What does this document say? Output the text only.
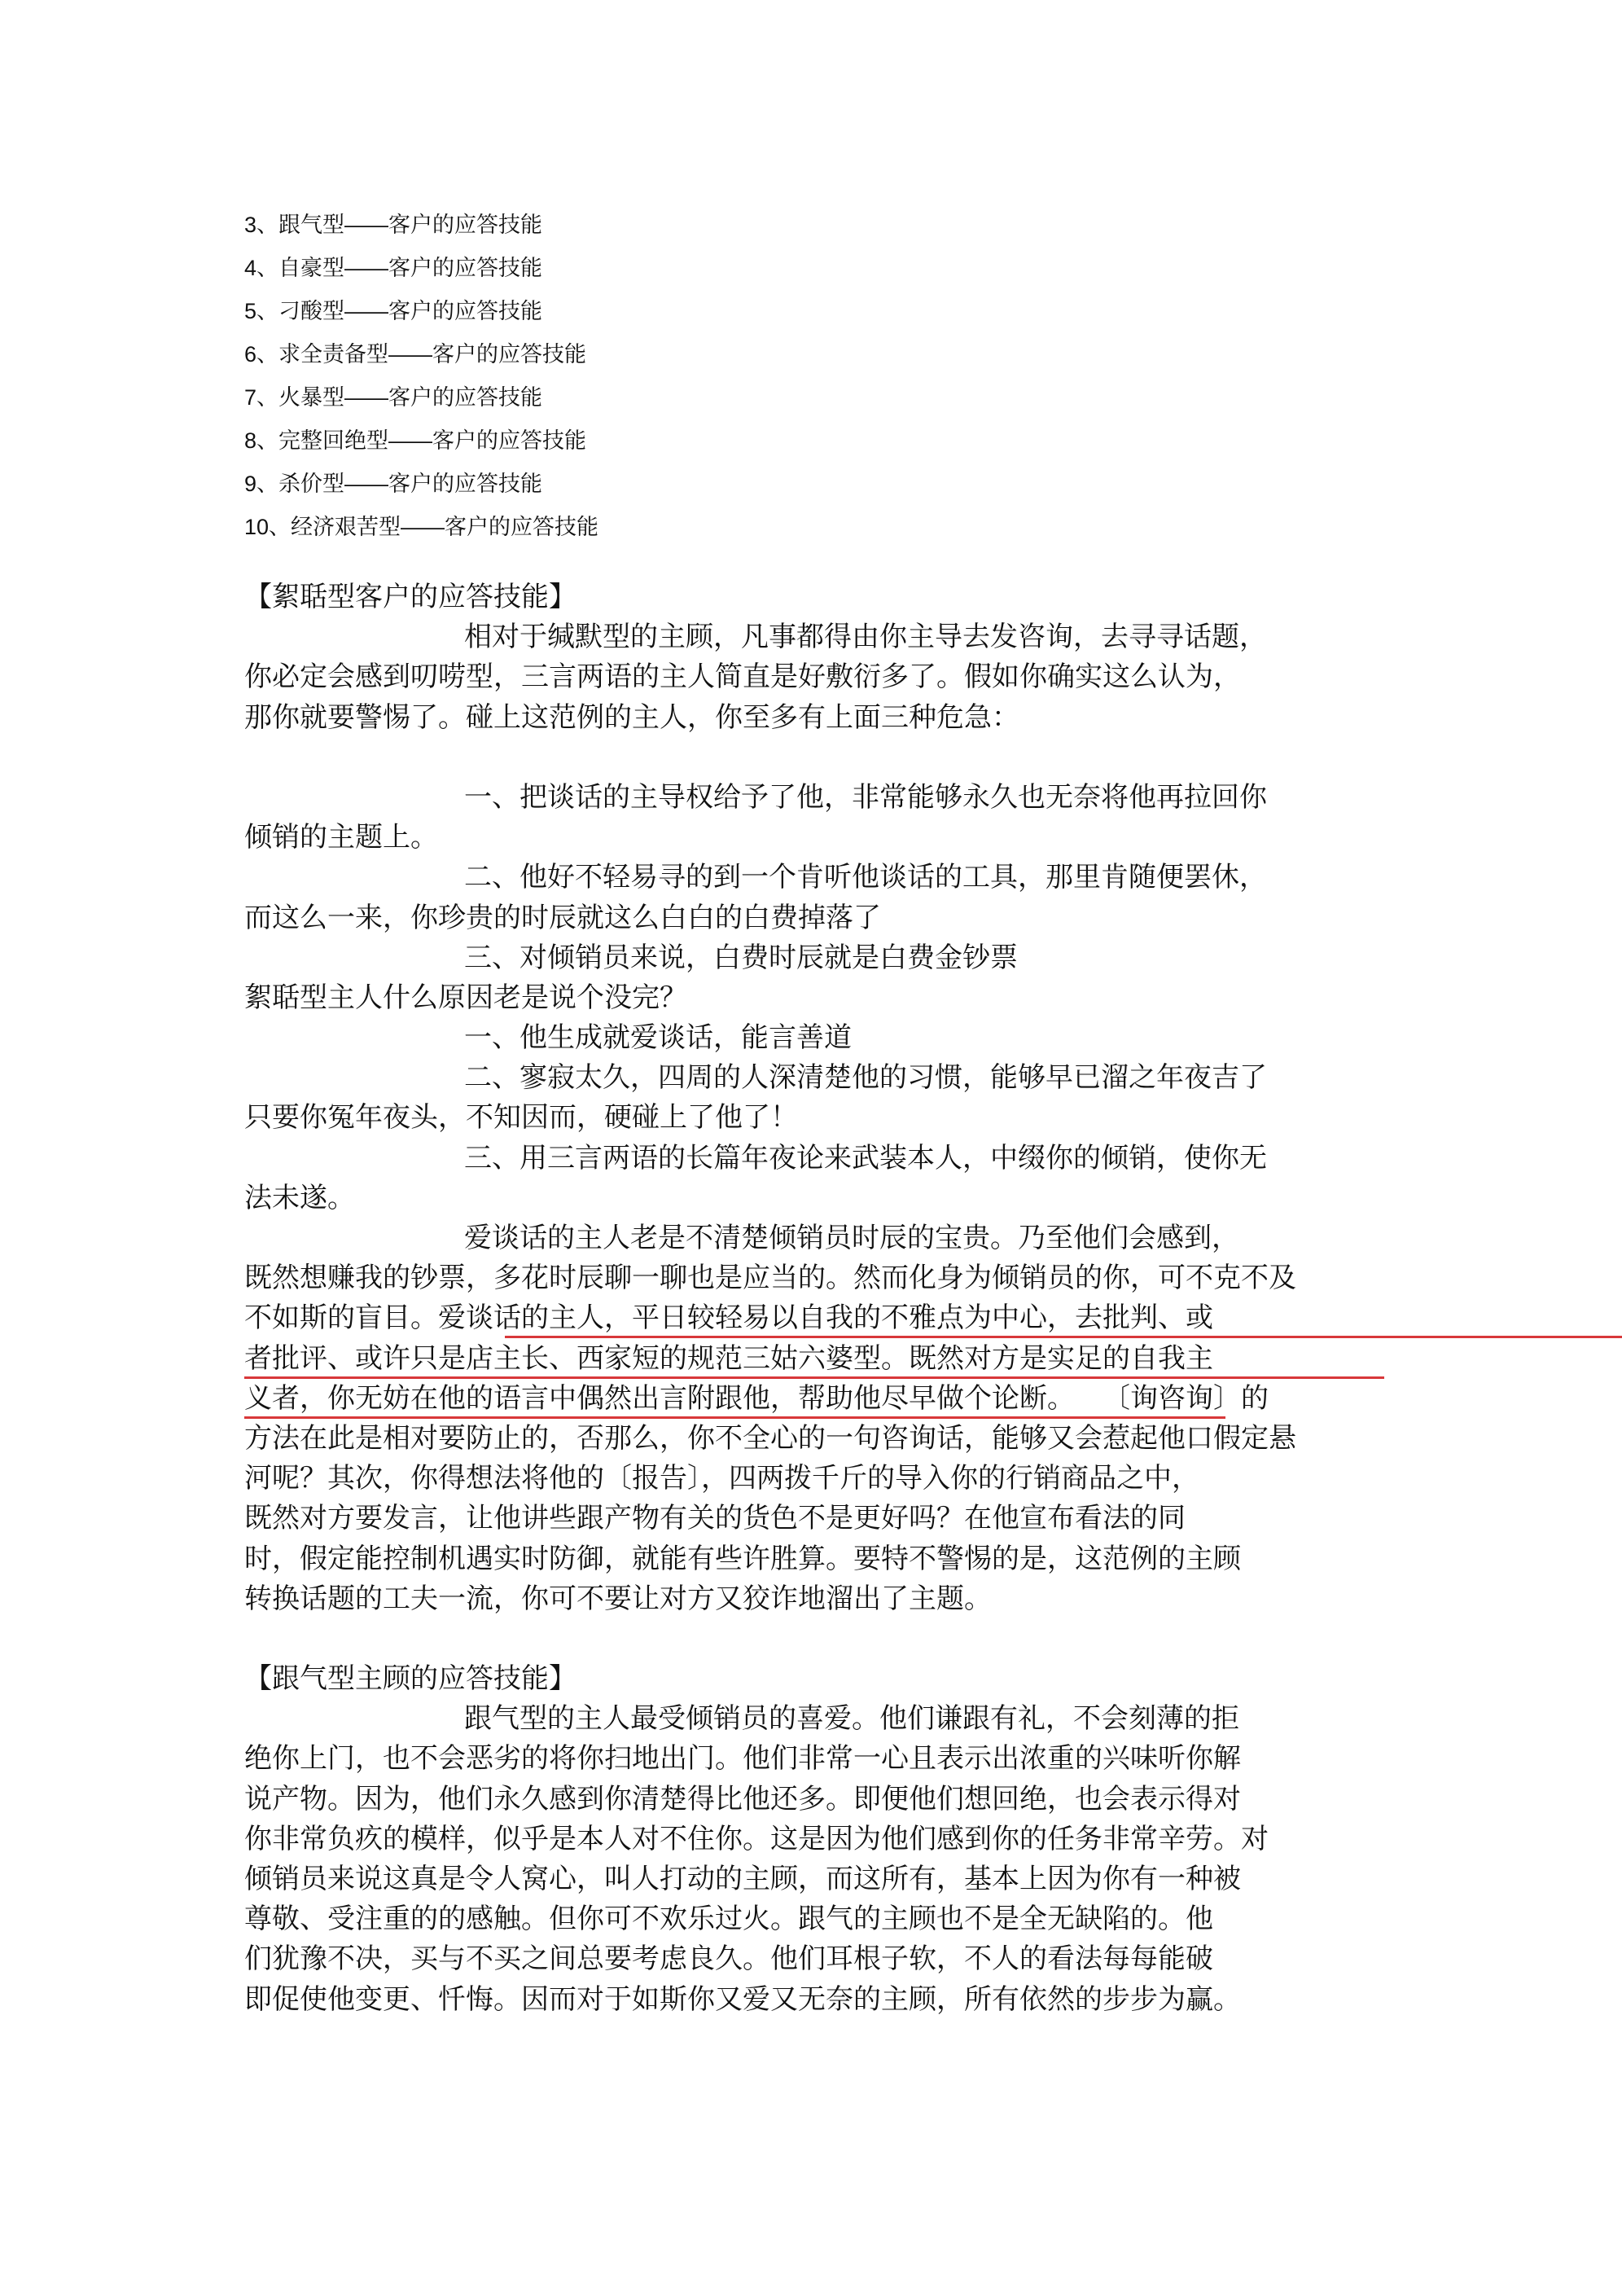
3、跟气型——客户的应答技能
4、自豪型——客户的应答技能
5、刁酸型——客户的应答技能
6、求全责备型——客户的应答技能
7、火暴型——客户的应答技能
8、完整回绝型——客户的应答技能
9、杀价型——客户的应答技能
10、经济艰苦型——客户的应答技能
【絮聒型客户的应答技能】
相对于缄默型的主顾，凡事都得由你主导去发咨询，去寻寻话题，
你必定会感到叨唠型，三言两语的主人简直是好敷衍多了。假如你确实这么认为，
那你就要警惕了。碰上这范例的主人，你至多有上面三种危急：
一、把谈话的主导权给予了他，非常能够永久也无奈将他再拉回你
倾销的主题上。
二、他好不轻易寻的到一个肯听他谈话的工具，那里肯随便罢休，
而这么一来，你珍贵的时辰就这么白白的白费掉落了
三、对倾销员来说，白费时辰就是白费金钞票
絮聒型主人什么原因老是说个没完？
一、他生成就爱谈话，能言善道
二、寥寂太久，四周的人深清楚他的习惯，能够早已溜之年夜吉了
只要你冤年夜头，不知因而，硬碰上了他了！
三、用三言两语的长篇年夜论来武装本人，中缀你的倾销，使你无
法未遂。
爱谈话的主人老是不清楚倾销员时辰的宝贵。乃至他们会感到，
既然想赚我的钞票，多花时辰聊一聊也是应当的。然而化身为倾销员的你，可不克不及
不如斯的盲目。爱谈话的主人，平日较轻易以自我的不雅点为中心，去批判、或
者批评、或许只是店主长、西家短的规范三姑六婆型。既然对方是实足的自我主
义者，你无妨在他的语言中偶然出言附跟他，帮助他尽早做个论断。　　〔询咨询〕的
方法在此是相对要防止的，否那么，你不全心的一句咨询话，能够又会惹起他口假定悬
河呢？其次，你得想法将他的〔报告〕，四两拨千斤的导入你的行销商品之中，
既然对方要发言，让他讲些跟产物有关的货色不是更好吗？在他宣布看法的同
时，假定能控制机遇实时防御，就能有些许胜算。要特不警惕的是，这范例的主顾
转换话题的工夫一流，你可不要让对方又狡诈地溜出了主题。
【跟气型主顾的应答技能】
跟气型的主人最受倾销员的喜爱。他们谦跟有礼，不会刻薄的拒
绝你上门，也不会恶劣的将你扫地出门。他们非常一心且表示出浓重的兴味听你解
说产物。因为，他们永久感到你清楚得比他还多。即便他们想回绝，也会表示得对
你非常负疚的模样，似乎是本人对不住你。这是因为他们感到你的任务非常辛劳。对
倾销员来说这真是令人窝心，叫人打动的主顾，而这所有，基本上因为你有一种被
尊敬、受注重的的感触。但你可不欢乐过火。跟气的主顾也不是全无缺陷的。他
们犹豫不决，买与不买之间总要考虑良久。他们耳根子软，不人的看法每每能破
即促使他变更、忏悔。因而对于如斯你又爱又无奈的主顾，所有依然的步步为赢。
